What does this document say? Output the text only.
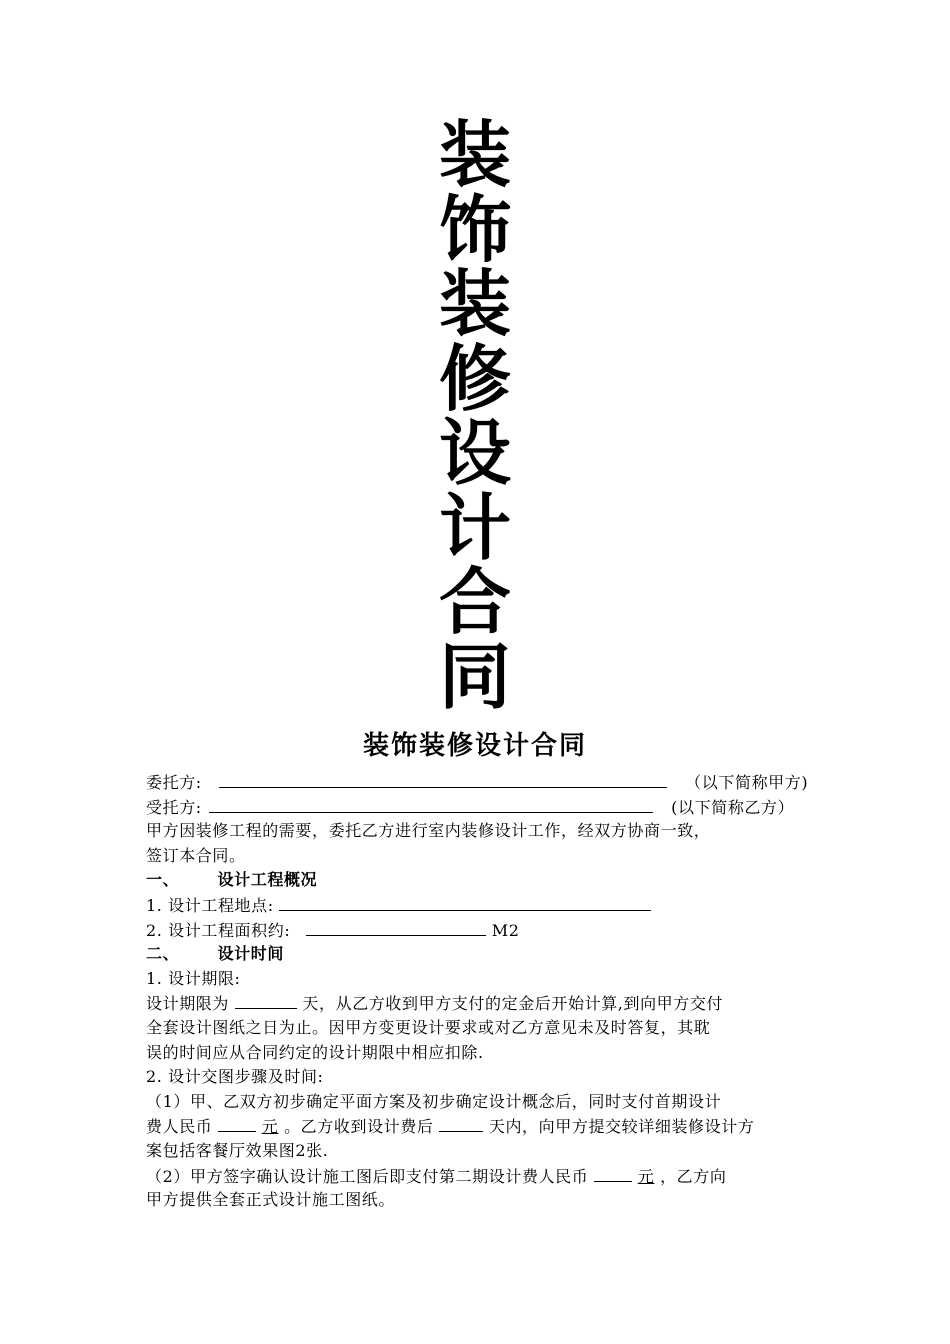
装
饰
装
修
设
计
合
同
装饰装修设计合同
委托方:	（以下简称甲方)
受托方:	(以下简称乙方）
甲方因装修工程的需要，委托乙方进行室内装修设计工作，经双方协商一致，
签订本合同。
一、 设计工程概况
1. 设计工程地点:
2. 设计工程面积约:	M2
二、 设计时间
1. 设计期限:
设计期限为	天，从乙方收到甲方支付的定金后开始计算,到向甲方交付
全套设计图纸之日为止。因甲方变更设计要求或对乙方意见未及时答复，其耽
误的时间应从合同约定的设计期限中相应扣除.
2. 设计交图步骤及时间:
（1）甲、乙双方初步确定平面方案及初步确定设计概念后，同时支付首期设计
费人民币	元 。乙方收到设计费后	天内，向甲方提交较详细装修设计方
案包括客餐厅效果图2张.
（2）甲方签字确认设计施工图后即支付第二期设计费人民币	元 ，乙方向
甲方提供全套正式设计施工图纸。
